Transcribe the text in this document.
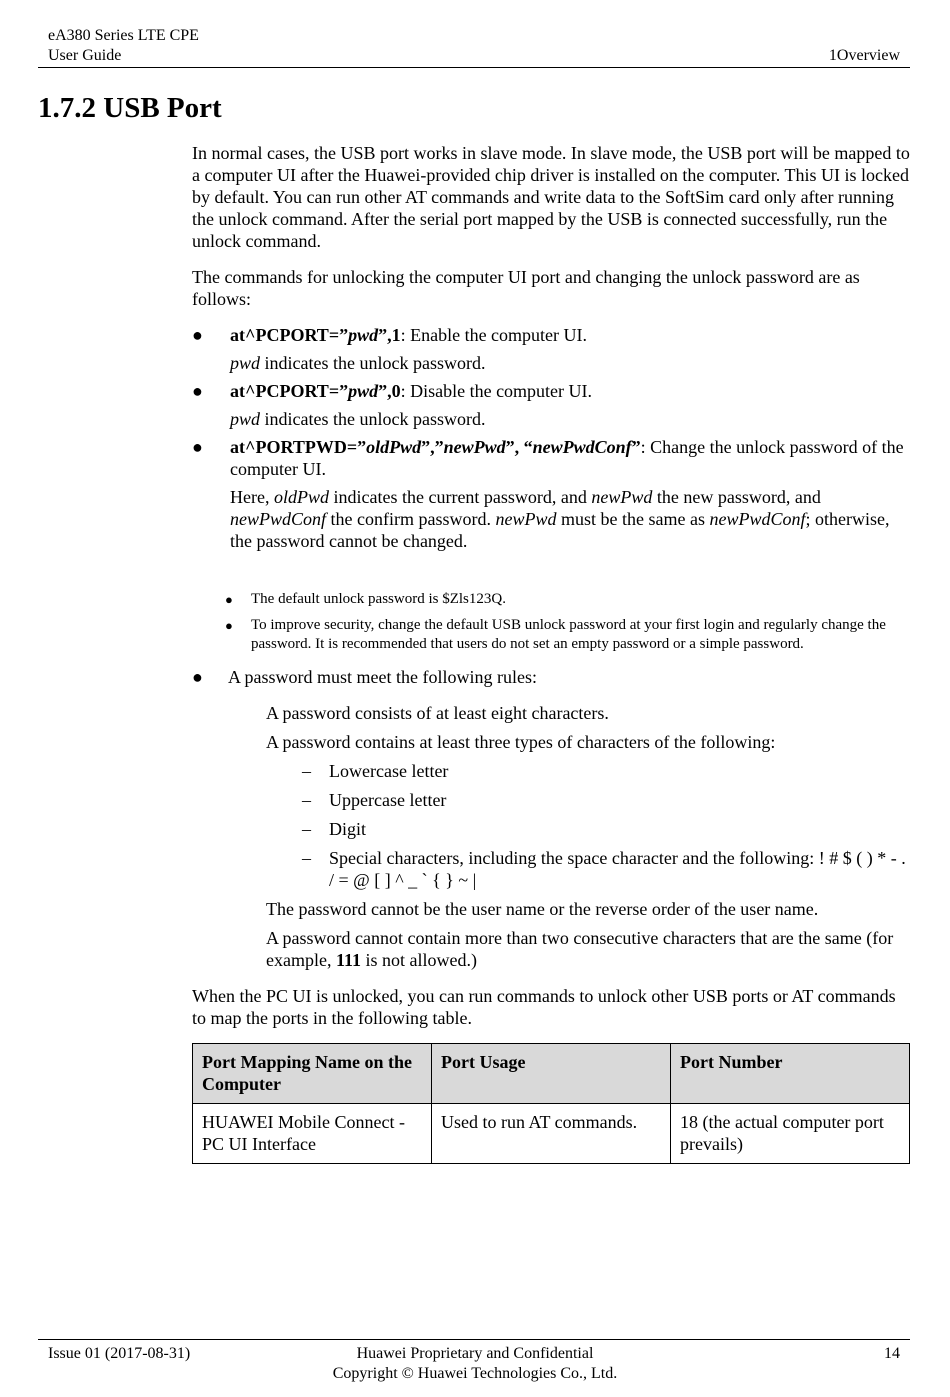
eA380 Series LTE CPE
User Guide	1Overview
1.7.2 USB Port

In normal cases, the USB port works in slave mode. In slave mode, the USB port will be mapped to a computer UI after the Huawei-provided chip driver is installed on the computer. This UI is locked by default. You can run other AT commands and write data to the SoftSim card only after running the unlock command. After the serial port mapped by the USB is connected successfully, run the unlock command.

The commands for unlocking the computer UI port and changing the unlock password are as follows:

● at^PCPORT=”pwd”,1: Enable the computer UI.
pwd indicates the unlock password.
● at^PCPORT=”pwd”,0: Disable the computer UI.
pwd indicates the unlock password.
● at^PORTPWD=”oldPwd”,”newPwd”, “newPwdConf”: Change the unlock password of the computer UI.
Here, oldPwd indicates the current password, and newPwd the new password, and newPwdConf the confirm password. newPwd must be the same as newPwdConf; otherwise, the password cannot be changed.
● The default unlock password is $Zls123Q.
● To improve security, change the default USB unlock password at your first login and regularly change the password. It is recommended that users do not set an empty password or a simple password.
● A password must meet the following rules:
A password consists of at least eight characters.
A password contains at least three types of characters of the following:
– Lowercase letter
– Uppercase letter
– Digit
– Special characters, including the space character and the following: ! # $ ( ) * - . / = @ [ ] ^ _ ` { } ~ |
The password cannot be the user name or the reverse order of the user name.
A password cannot contain more than two consecutive characters that are the same (for example, 111 is not allowed.)

When the PC UI is unlocked, you can run commands to unlock other USB ports or AT commands to map the ports in the following table.

Port Mapping Name on the Computer	Port Usage	Port Number
HUAWEI Mobile Connect - PC UI Interface	Used to run AT commands.	18 (the actual computer port prevails)
Issue 01 (2017-08-31)	Huawei Proprietary and Confidential
Copyright © Huawei Technologies Co., Ltd.
14
